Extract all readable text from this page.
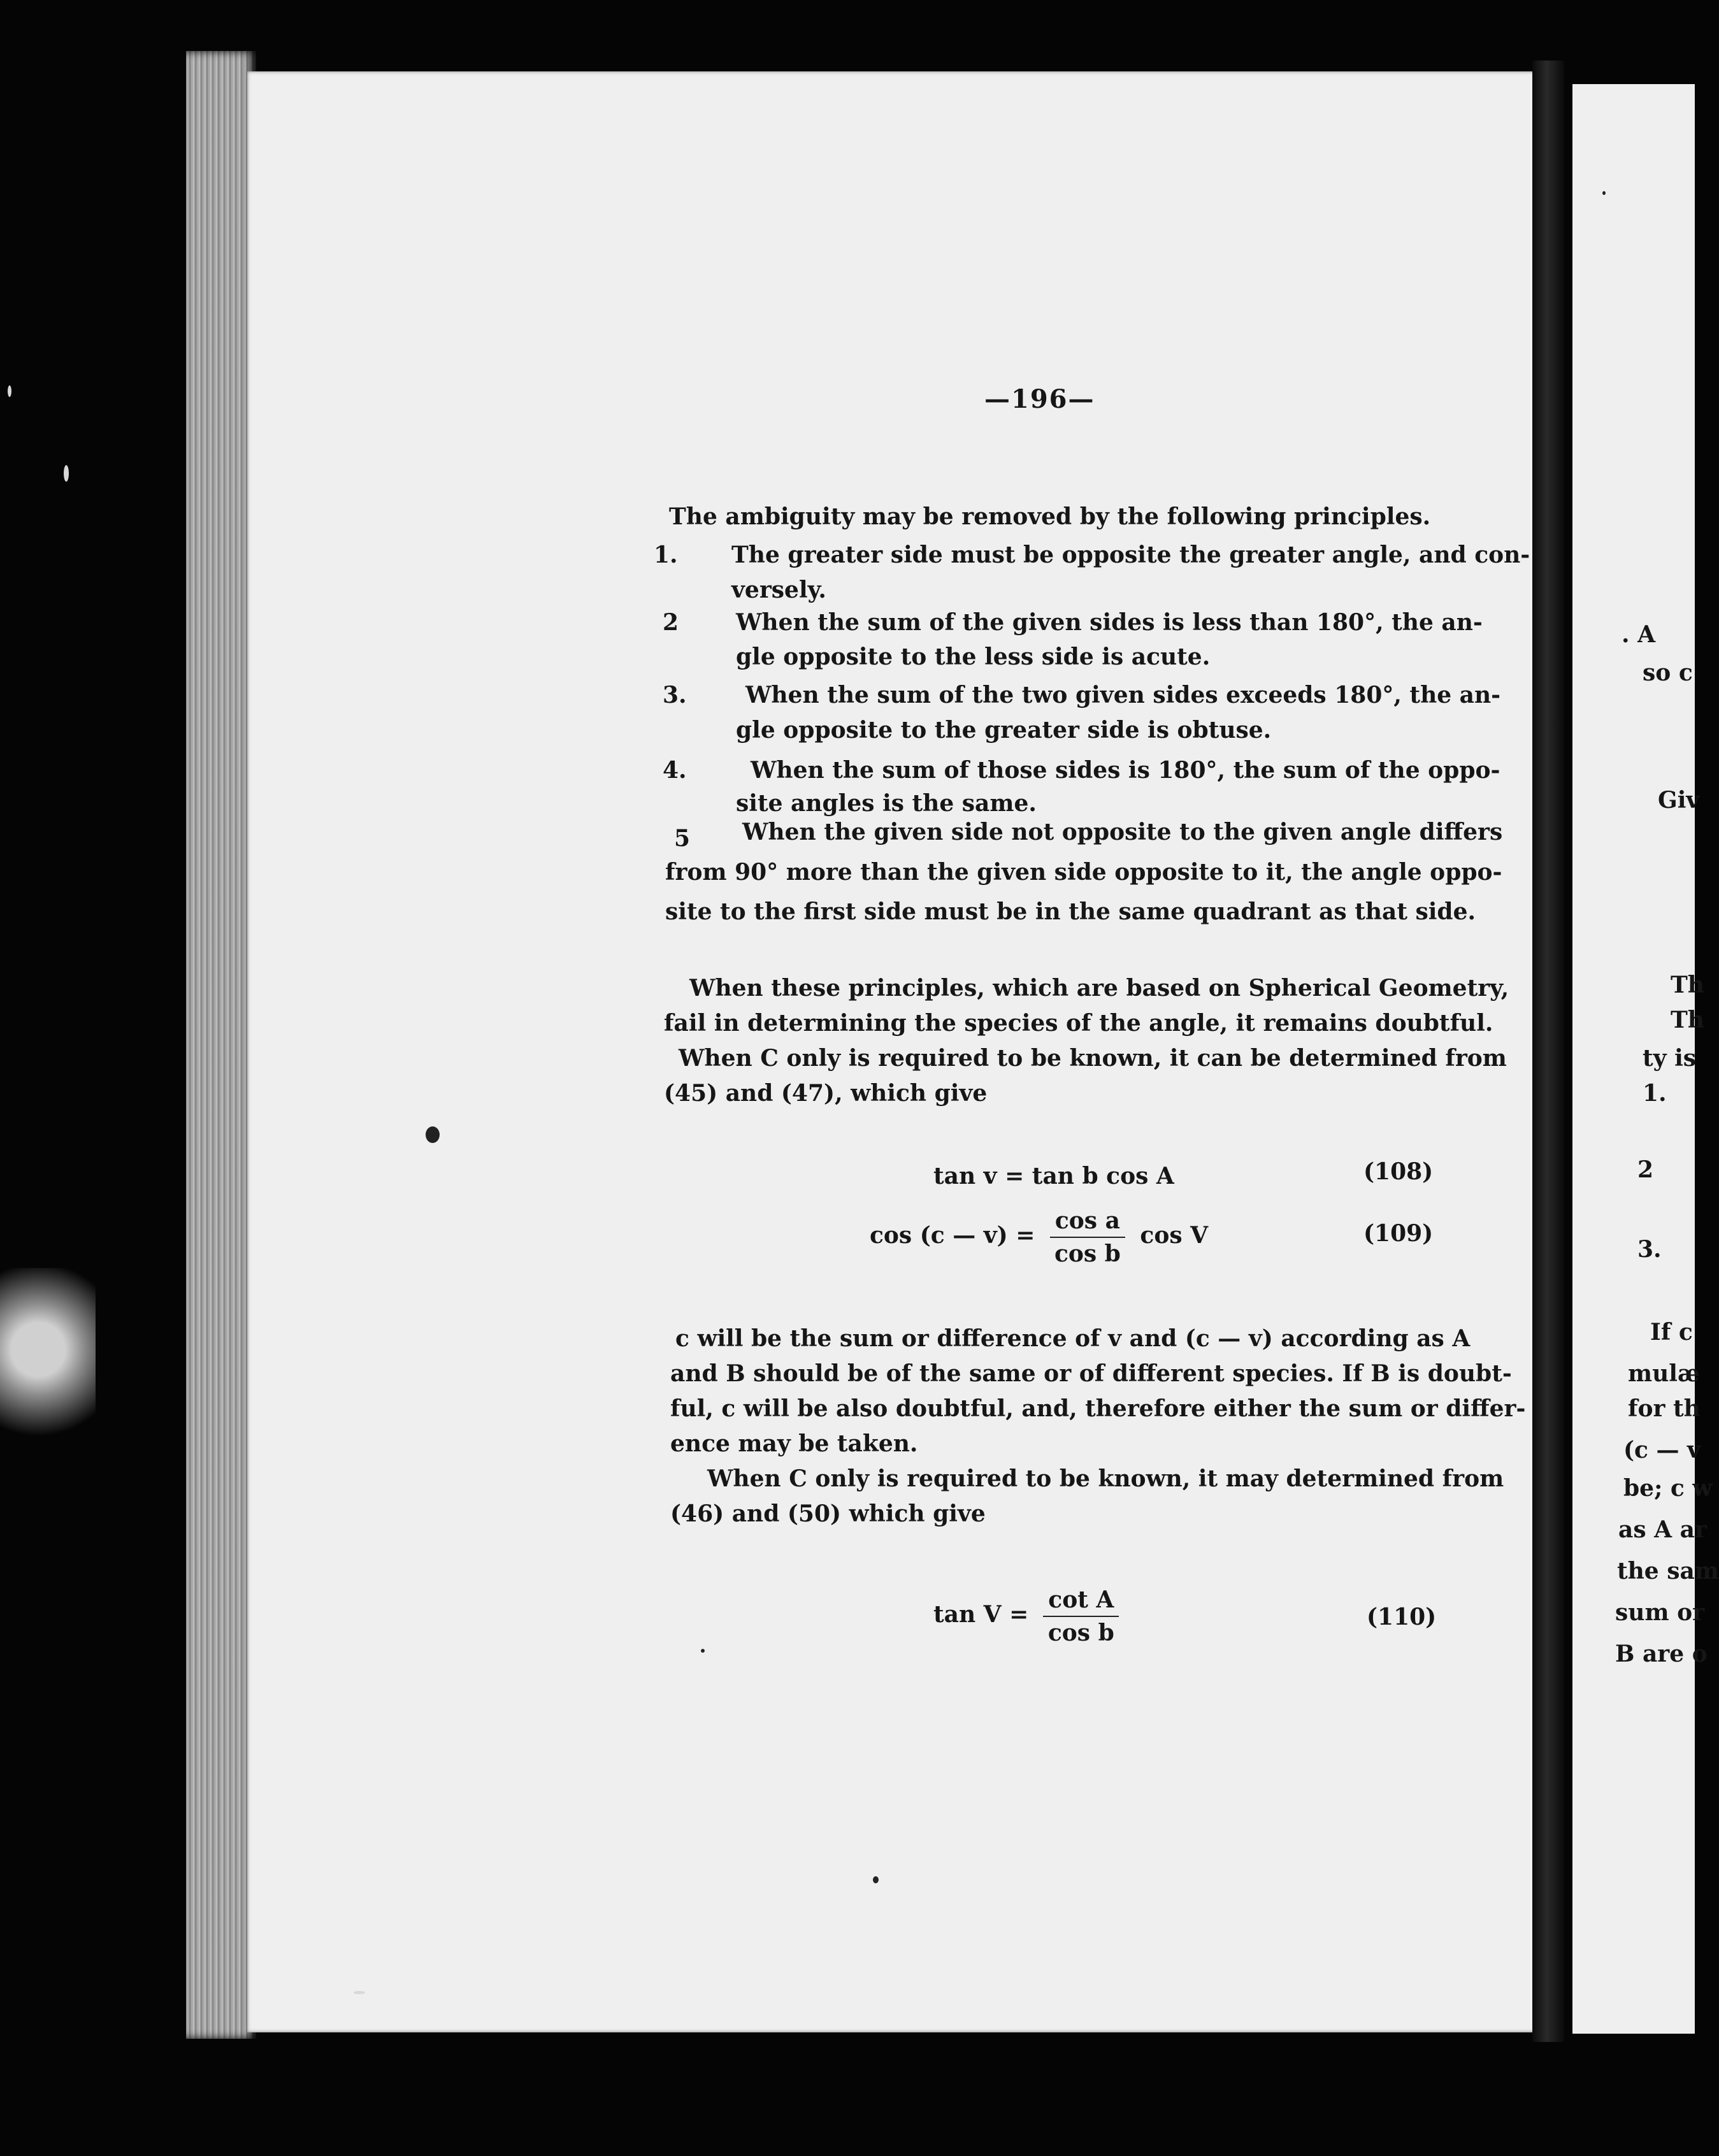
—196—

The ambiguity may be removed by the following principles.

1. The greater side must be opposite the greater angle, and con-

versely.

2 When the sum of the given sides is less than 180°, the an-

gle opposite to the less side is acute.

3.	When the sum of the two given sides exceeds 180°, the an-

gle opposite to the greater side is obtuse.

4.	When the sum of those sides is 180°, the sum of the oppo-

site angles is the same.

5 When the given side not opposite to the given angle differs

from 90° more than the given side opposite to it, the angle oppo-

site to the first side must be in the same quadrant as that side.

When these principles, which are based on Spherical Geometry,

fail in determining the species of the angle, it remains doubtful.

When C only is required to be known, it can be determined from

(45) and (47), which give

c will be the sum or difference of v and (c — v) according as A

and B should be of the same or of different species. If B is doubt-

ful, c will be also doubtful, and, therefore either the sum or differ-

ence may be taken.

When C only is required to be known, it may determined from

(46) and (50) which give

tan v = tan b cos A	(108)
cos (c — $v) = \frac{\text{cos a}}{\text{cos b}}$ cos V	(109)
$\tan V = \frac{\text{cot A}}{\text{cos b}}$	(110)

. A

so c

Giv

Th

Th

ty is

1.

2

3.

If c

mulæ

for th

(c — v

be; c w

as A ar

the sam

sum or

B are o
